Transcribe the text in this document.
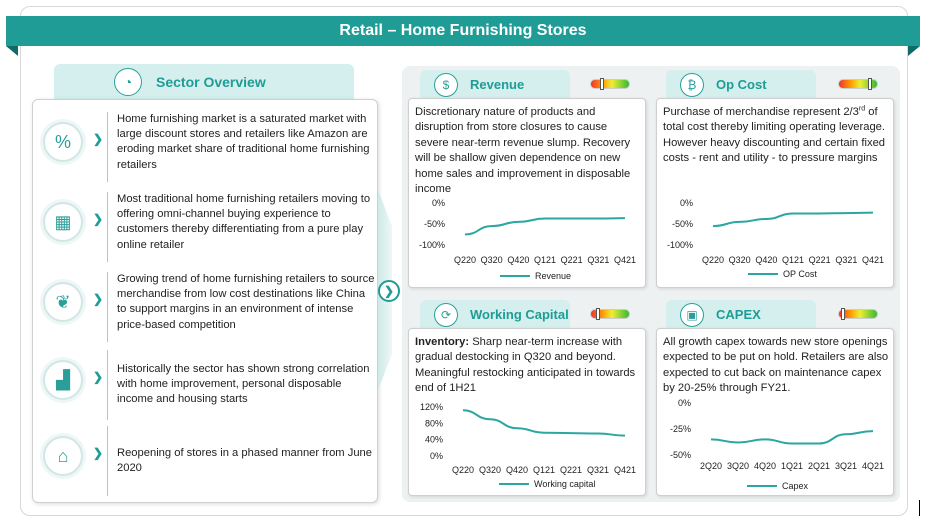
Retail – Home Furnishing Stores
◔	Sector Overview
%	❯
Home furnishing market is a saturated market with large discount stores and retailers like Amazon are eroding market share of traditional home furnishing retailers
▦	❯
Most traditional home furnishing retailers moving to offering omni-channel buying experience to customers thereby differentiating from a pure play online retailer
❦	❯
Growing trend of home furnishing retailers to source merchandise from low cost destinations like China to support margins in an environment of intense price-based competition
▟	❯
Historically the sector has shown strong correlation with home improvement, personal disposable income and housing starts
⌂	❯ Reopening of stores in a phased manner from June 2020
❯
$	Revenue
Discretionary nature of products and disruption from store closures to cause severe near-term revenue slump. Recovery will be shallow given dependence on new home sales and improvement in disposable income
0%
-50%
-100%
Q220 Q320 Q420 Q121 Q221 Q321 Q421
Revenue
₿	Op Cost
Purchase of merchandise represent 2/3rd of total cost thereby limiting operating leverage. However heavy discounting and certain fixed costs - rent and utility - to pressure margins
0%
-50%
-100%
Q220 Q320 Q420 Q121 Q221 Q321 Q421
OP Cost
⟳	Working Capital
Inventory: Sharp near-term increase with gradual destocking in Q320 and beyond. Meaningful restocking anticipated in towards end of 1H21
120%
80%
40%
0%
Q220 Q320 Q420 Q121 Q221 Q321 Q421
Working capital
▣	CAPEX
All growth capex towards new store openings expected to be put on hold. Retailers are also expected to cut back on maintenance capex by 20-25% through FY21.
0%
-25%
-50%
2Q20 3Q20 4Q20 1Q21 2Q21 3Q21 4Q21
Capex
